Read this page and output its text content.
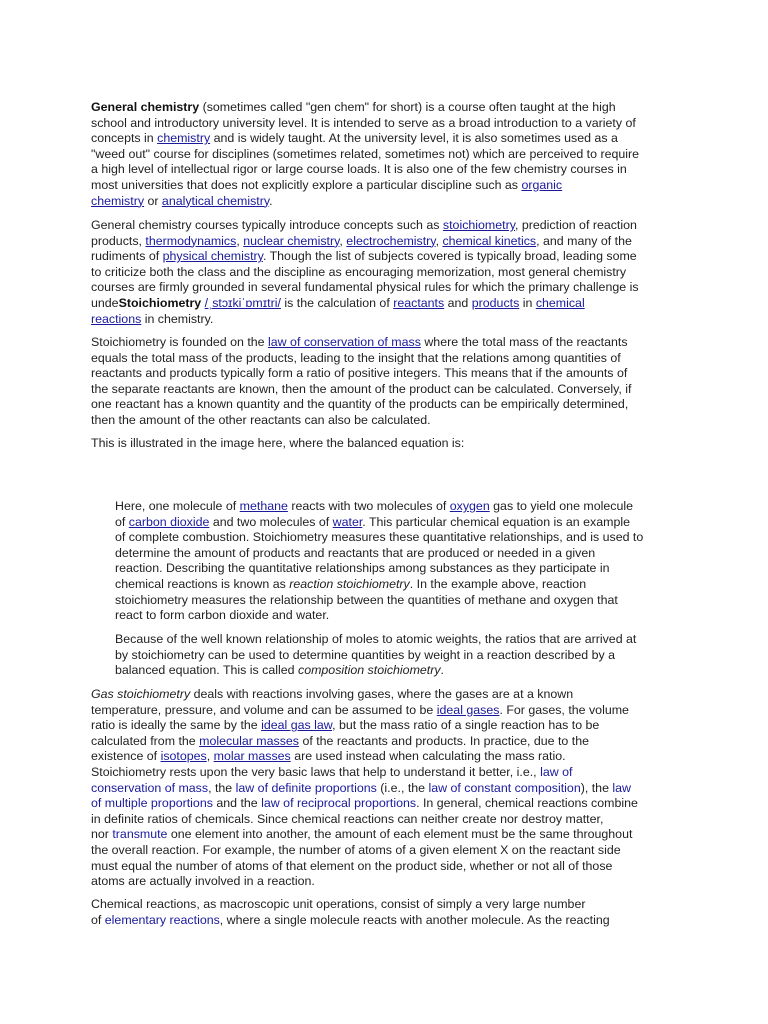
General chemistry (sometimes called "gen chem" for short) is a course often taught at the high
school and introductory university level. It is intended to serve as a broad introduction to a variety of
concepts in chemistry and is widely taught. At the university level, it is also sometimes used as a
"weed out" course for disciplines (sometimes related, sometimes not) which are perceived to require
a high level of intellectual rigor or large course loads. It is also one of the few chemistry courses in
most universities that does not explicitly explore a particular discipline such as organic
chemistry or analytical chemistry.
General chemistry courses typically introduce concepts such as stoichiometry, prediction of reaction
products, thermodynamics, nuclear chemistry, electrochemistry, chemical kinetics, and many of the
rudiments of physical chemistry. Though the list of subjects covered is typically broad, leading some
to criticize both the class and the discipline as encouraging memorization, most general chemistry
courses are firmly grounded in several fundamental physical rules for which the primary challenge is
undeStoichiometry /ˌstɔɪkiˈɒmɪtri/ is the calculation of reactants and products in chemical
reactions in chemistry.
Stoichiometry is founded on the law of conservation of mass where the total mass of the reactants
equals the total mass of the products, leading to the insight that the relations among quantities of
reactants and products typically form a ratio of positive integers. This means that if the amounts of
the separate reactants are known, then the amount of the product can be calculated. Conversely, if
one reactant has a known quantity and the quantity of the products can be empirically determined,
then the amount of the other reactants can also be calculated.
This is illustrated in the image here, where the balanced equation is:
Here, one molecule of methane reacts with two molecules of oxygen gas to yield one molecule
of carbon dioxide and two molecules of water. This particular chemical equation is an example
of complete combustion. Stoichiometry measures these quantitative relationships, and is used to
determine the amount of products and reactants that are produced or needed in a given
reaction. Describing the quantitative relationships among substances as they participate in
chemical reactions is known as reaction stoichiometry. In the example above, reaction
stoichiometry measures the relationship between the quantities of methane and oxygen that
react to form carbon dioxide and water.
Because of the well known relationship of moles to atomic weights, the ratios that are arrived at
by stoichiometry can be used to determine quantities by weight in a reaction described by a
balanced equation. This is called composition stoichiometry.
Gas stoichiometry deals with reactions involving gases, where the gases are at a known
temperature, pressure, and volume and can be assumed to be ideal gases. For gases, the volume
ratio is ideally the same by the ideal gas law, but the mass ratio of a single reaction has to be
calculated from the molecular masses of the reactants and products. In practice, due to the
existence of isotopes, molar masses are used instead when calculating the mass ratio.
Stoichiometry rests upon the very basic laws that help to understand it better, i.e., law of
conservation of mass, the law of definite proportions (i.e., the law of constant composition), the law
of multiple proportions and the law of reciprocal proportions. In general, chemical reactions combine
in definite ratios of chemicals. Since chemical reactions can neither create nor destroy matter,
nor transmute one element into another, the amount of each element must be the same throughout
the overall reaction. For example, the number of atoms of a given element X on the reactant side
must equal the number of atoms of that element on the product side, whether or not all of those
atoms are actually involved in a reaction.
Chemical reactions, as macroscopic unit operations, consist of simply a very large number
of elementary reactions, where a single molecule reacts with another molecule. As the reacting
